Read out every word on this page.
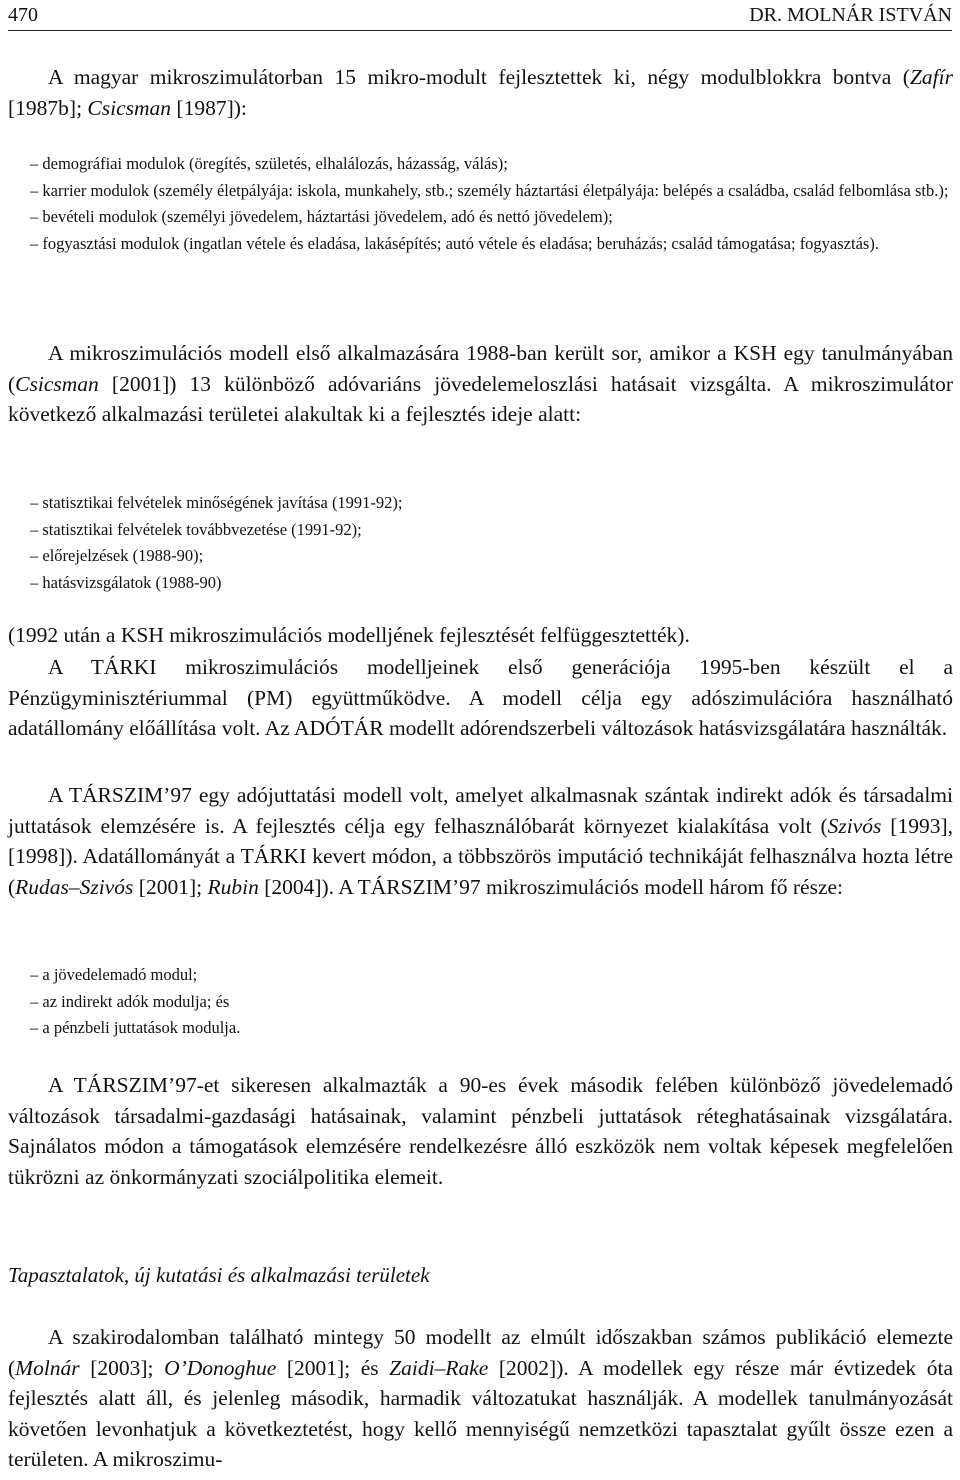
470	DR. MOLNÁR ISTVÁN

A magyar mikroszimulátorban 15 mikro-modult fejlesztettek ki, négy modulblokkra bontva (Zafír [1987b]; Csicsman [1987]):

– demográfiai modulok (öregítés, születés, elhalálozás, házasság, válás);
– karrier modulok (személy életpályája: iskola, munkahely, stb.; személy háztartási életpályája: belépés a családba, család felbomlása stb.);
– bevételi modulok (személyi jövedelem, háztartási jövedelem, adó és nettó jövedelem);
– fogyasztási modulok (ingatlan vétele és eladása, lakásépítés; autó vétele és eladása; beruházás; család támogatása; fogyasztás).

A mikroszimulációs modell első alkalmazására 1988-ban került sor, amikor a KSH egy tanulmányában (Csicsman [2001]) 13 különböző adóvariáns jövedelemeloszlási hatásait vizsgálta. A mikroszimulátor következő alkalmazási területei alakultak ki a fejlesztés ideje alatt:

– statisztikai felvételek minőségének javítása (1991-92);
– statisztikai felvételek továbbvezetése (1991-92);
– előrejelzések (1988-90);
– hatásvizsgálatok (1988-90)

(1992 után a KSH mikroszimulációs modelljének fejlesztését felfüggesztették).

A TÁRKI mikroszimulációs modelljeinek első generációja 1995-ben készült el a Pénzügyminisztériummal (PM) együttműködve. A modell célja egy adószimulációra használható adatállomány előállítása volt. Az ADÓTÁR modellt adórendszerbeli változások hatásvizsgálatára használták.

A TÁRSZIM’97 egy adójuttatási modell volt, amelyet alkalmasnak szántak indirekt adók és társadalmi juttatások elemzésére is. A fejlesztés célja egy felhasználóbarát környezet kialakítása volt (Szivós [1993], [1998]). Adatállományát a TÁRKI kevert módon, a többszörös imputáció technikáját felhasználva hozta létre (Rudas–Szivós [2001]; Rubin [2004]). A TÁRSZIM’97 mikroszimulációs modell három fő része:

– a jövedelemadó modul;
– az indirekt adók modulja; és
– a pénzbeli juttatások modulja.

A TÁRSZIM’97-et sikeresen alkalmazták a 90-es évek második felében különböző jövedelemadó változások társadalmi-gazdasági hatásainak, valamint pénzbeli juttatások réteghatásainak vizsgálatára. Sajnálatos módon a támogatások elemzésére rendelkezésre álló eszközök nem voltak képesek megfelelően tükrözni az önkormányzati szociálpolitika elemeit.

Tapasztalatok, új kutatási és alkalmazási területek

A szakirodalomban található mintegy 50 modellt az elmúlt időszakban számos publikáció elemezte (Molnár [2003]; O’Donoghue [2001]; és Zaidi–Rake [2002]). A modellek egy része már évtizedek óta fejlesztés alatt áll, és jelenleg második, harmadik változatukat használják. A modellek tanulmányozását követően levonhatjuk a következtetést, hogy kellő mennyiségű nemzetközi tapasztalat gyűlt össze ezen a területen. A mikroszimu-
